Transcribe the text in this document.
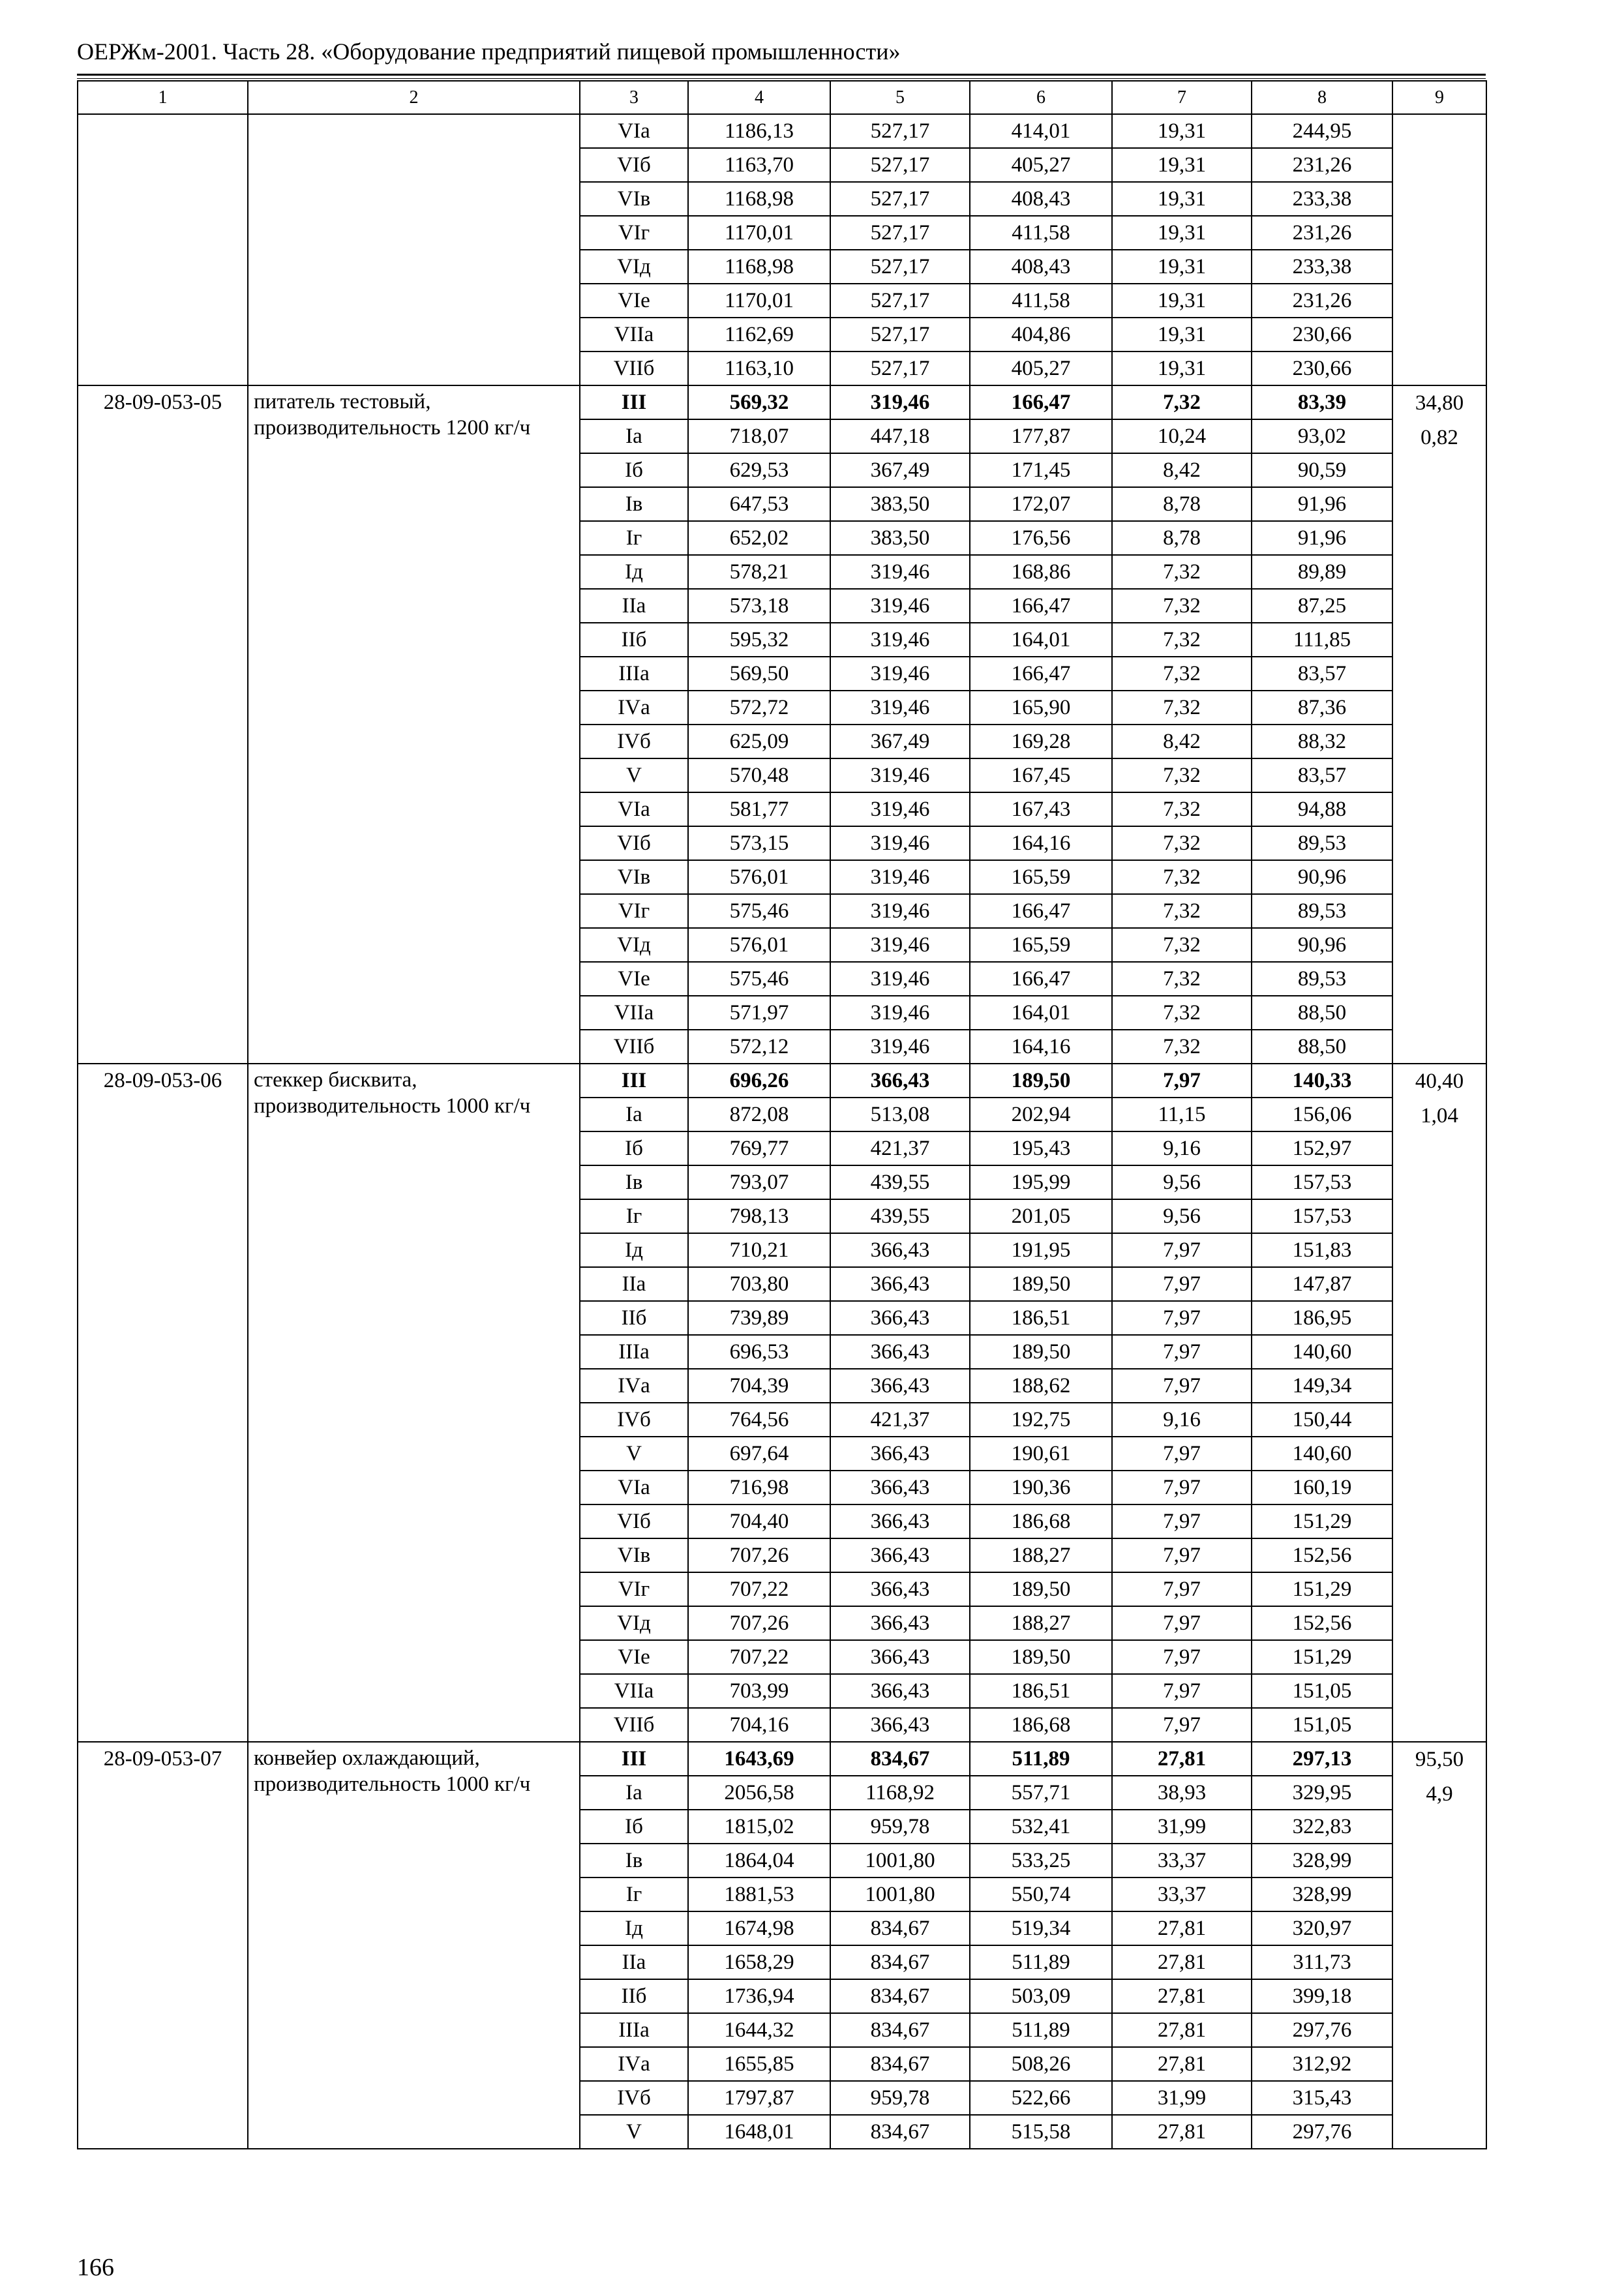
ОЕРЖм-2001. Часть 28. «Оборудование предприятий пищевой промышленности»
1	2	3	4	5	6	7	8	9
		VIа	1186,13	527,17	414,01	19,31	244,95	
		VIб	1163,70	527,17	405,27	19,31	231,26	
		VIв	1168,98	527,17	408,43	19,31	233,38	
		VIг	1170,01	527,17	411,58	19,31	231,26	
		VIд	1168,98	527,17	408,43	19,31	233,38	
		VIе	1170,01	527,17	411,58	19,31	231,26	
		VIIа	1162,69	527,17	404,86	19,31	230,66	
		VIIб	1163,10	527,17	405,27	19,31	230,66	
28-09-053-05	питатель тестовый, производительность 1200 кг/ч	III	569,32	319,46	166,47	7,32	83,39	34,80
0,82

		Iа	718,07	447,18	177,87	10,24	93,02	
		Iб	629,53	367,49	171,45	8,42	90,59	
		Iв	647,53	383,50	172,07	8,78	91,96	
		Iг	652,02	383,50	176,56	8,78	91,96	
		Iд	578,21	319,46	168,86	7,32	89,89	
		IIа	573,18	319,46	166,47	7,32	87,25	
		IIб	595,32	319,46	164,01	7,32	111,85	
		IIIа	569,50	319,46	166,47	7,32	83,57	
		IVа	572,72	319,46	165,90	7,32	87,36	
		IVб	625,09	367,49	169,28	8,42	88,32	
		V	570,48	319,46	167,45	7,32	83,57	
		VIа	581,77	319,46	167,43	7,32	94,88	
		VIб	573,15	319,46	164,16	7,32	89,53	
		VIв	576,01	319,46	165,59	7,32	90,96	
		VIг	575,46	319,46	166,47	7,32	89,53	
		VIд	576,01	319,46	165,59	7,32	90,96	
		VIе	575,46	319,46	166,47	7,32	89,53	
		VIIа	571,97	319,46	164,01	7,32	88,50	
		VIIб	572,12	319,46	164,16	7,32	88,50	
28-09-053-06	стеккер бисквита, производительность 1000 кг/ч	III	696,26	366,43	189,50	7,97	140,33	40,40
1,04

		Iа	872,08	513,08	202,94	11,15	156,06	
		Iб	769,77	421,37	195,43	9,16	152,97	
		Iв	793,07	439,55	195,99	9,56	157,53	
		Iг	798,13	439,55	201,05	9,56	157,53	
		Iд	710,21	366,43	191,95	7,97	151,83	
		IIа	703,80	366,43	189,50	7,97	147,87	
		IIб	739,89	366,43	186,51	7,97	186,95	
		IIIа	696,53	366,43	189,50	7,97	140,60	
		IVа	704,39	366,43	188,62	7,97	149,34	
		IVб	764,56	421,37	192,75	9,16	150,44	
		V	697,64	366,43	190,61	7,97	140,60	
		VIа	716,98	366,43	190,36	7,97	160,19	
		VIб	704,40	366,43	186,68	7,97	151,29	
		VIв	707,26	366,43	188,27	7,97	152,56	
		VIг	707,22	366,43	189,50	7,97	151,29	
		VIд	707,26	366,43	188,27	7,97	152,56	
		VIе	707,22	366,43	189,50	7,97	151,29	
		VIIа	703,99	366,43	186,51	7,97	151,05	
		VIIб	704,16	366,43	186,68	7,97	151,05	
28-09-053-07	конвейер охлаждающий, производительность 1000 кг/ч	III	1643,69	834,67	511,89	27,81	297,13	95,50
4,9

		Iа	2056,58	1168,92	557,71	38,93	329,95	
		Iб	1815,02	959,78	532,41	31,99	322,83	
		Iв	1864,04	1001,80	533,25	33,37	328,99	
		Iг	1881,53	1001,80	550,74	33,37	328,99	
		Iд	1674,98	834,67	519,34	27,81	320,97	
		IIа	1658,29	834,67	511,89	27,81	311,73	
		IIб	1736,94	834,67	503,09	27,81	399,18	
		IIIа	1644,32	834,67	511,89	27,81	297,76	
		IVа	1655,85	834,67	508,26	27,81	312,92	
		IVб	1797,87	959,78	522,66	31,99	315,43	
		V	1648,01	834,67	515,58	27,81	297,76	
166
